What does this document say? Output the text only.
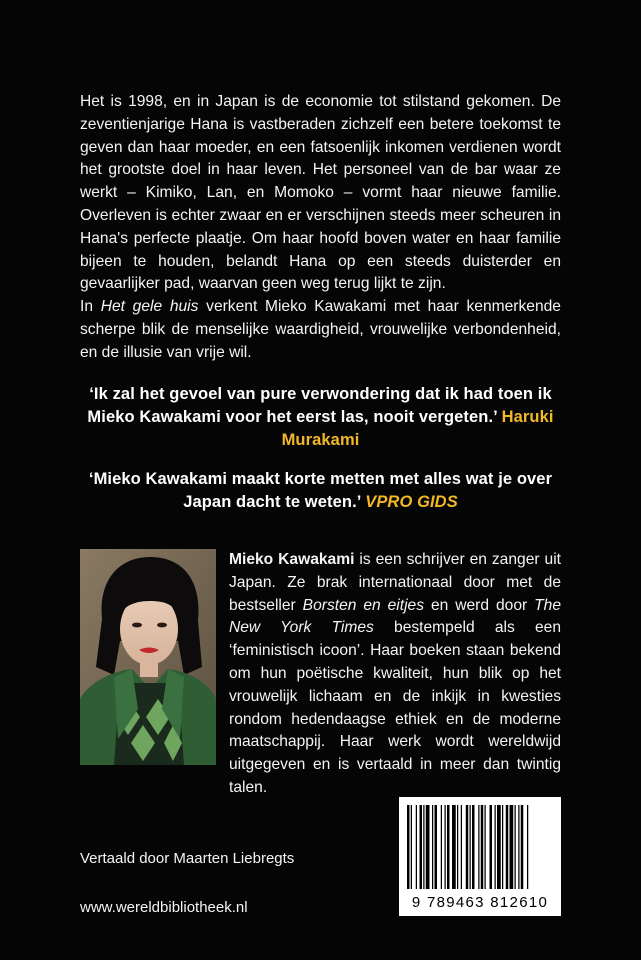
Het is 1998, en in Japan is de economie tot stilstand gekomen. De zeventienjarige Hana is vastberaden zichzelf een betere toekomst te geven dan haar moeder, en een fatsoenlijk inkomen verdienen wordt het grootste doel in haar leven. Het personeel van de bar waar ze werkt – Kimiko, Lan, en Momoko – vormt haar nieuwe familie. Overleven is echter zwaar en er verschijnen steeds meer scheuren in Hana's perfecte plaatje. Om haar hoofd boven water en haar familie bijeen te houden, belandt Hana op een steeds duisterder en gevaarlijker pad, waarvan geen weg terug lijkt te zijn.

In Het gele huis verkent Mieko Kawakami met haar kenmerkende scherpe blik de menselijke waardigheid, vrouwelijke verbondenheid, en de illusie van vrije wil.

‘Ik zal het gevoel van pure verwondering dat ik had toen ik Mieko Kawakami voor het eerst las, nooit vergeten.’ Haruki Murakami
‘Mieko Kawakami maakt korte metten met alles wat je over Japan dacht te weten.’ VPRO GIDS

Mieko Kawakami is een schrijver en zanger uit Japan. Ze brak internationaal door met de bestseller Borsten en eitjes en werd door The New York Times bestempeld als een ‘feministisch icoon’. Haar boeken staan bekend om hun poëtische kwaliteit, hun blik op het vrouwelijk lichaam en de inkijk in kwesties rondom hedendaagse ethiek en de moderne maatschappij. Haar werk wordt wereldwijd uitgegeven en is vertaald in meer dan twintig talen.

9 789463 812610
Vertaald door Maarten Liebregts
www.wereldbibliotheek.nl
